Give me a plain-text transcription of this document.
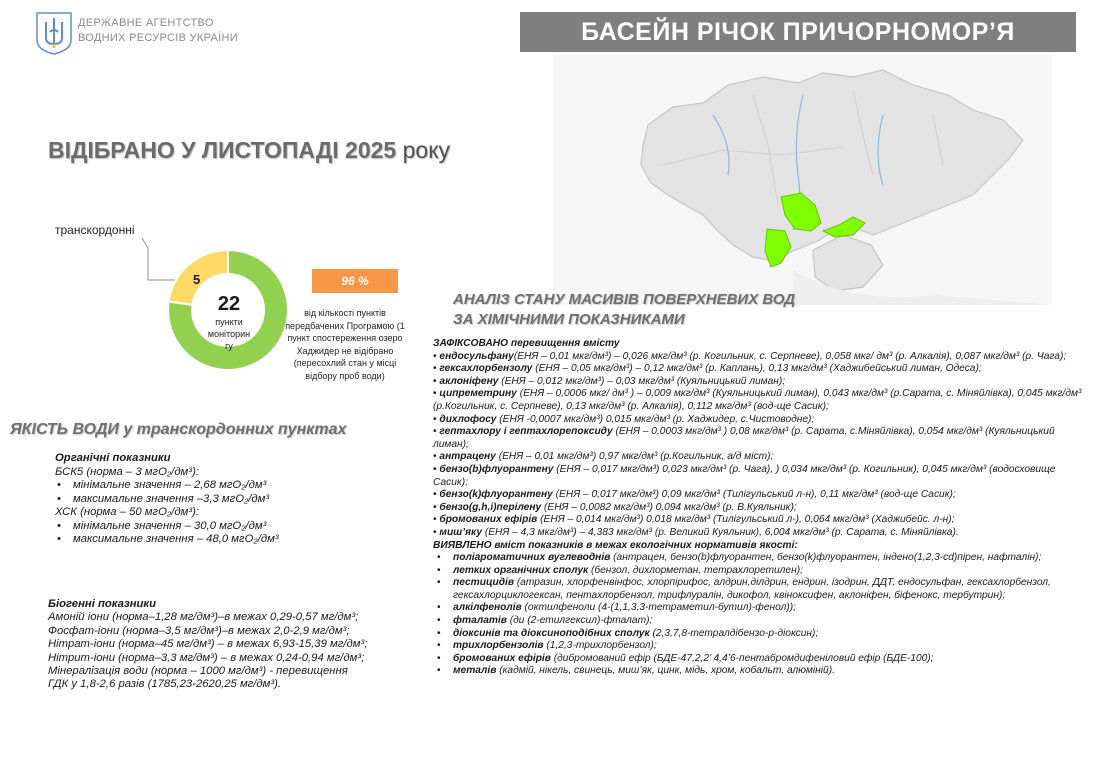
ДЕРЖАВНЕ АГЕНТСТВО
ВОДНИХ РЕСУРСІВ УКРАЇНИ	БАСЕЙН РІЧОК ПРИЧОРНОМОР’Я
ВІДІБРАНО У ЛИСТОПАДІ 2025 року
транскордонні
5
22
пункти
моніторин
гу
96 %
від кількості пунктів передбачених Програмою (1 пункт спостереження озеро Хаджидер не відібрано (пересохлий стан у місці відбору проб води)
ЯКІСТЬ ВОДИ у транскордонних пунктах
Органічні показники
БСК5 (норма – 3 мгО₂/дм³):
• мінімальне значення – 2,68 мгО₂/дм³
• максимальне значення –3,3 мгО₂/дм³
ХСК (норма – 50 мгО₂/дм³):
• мінімальне значення – 30,0 мгО₂/дм³
• максимальне значення – 48,0 мгО₂/дм³
Біогенні показники
Амоній іони (норма–1,28 мг/дм³)–в межах 0,29-0,57 мг/дм³;
Фосфат-іони (норма–3,5 мг/дм³)–в межах 2,0-2,9 мг/дм³;
Нітрат-іони (норма–45 мг/дм³) – в межах 6,93-15,39 мг/дм³;
Нітрит-іони (норма–3,3 мг/дм³) – в межах 0,24-0,94 мг/дм³;
Мінералізація води (норма – 1000 мг/дм³) - перевищення
ГДК у 1,8-2,6 разів (1785,23-2620,25 мг/дм³).
АНАЛІЗ СТАНУ МАСИВІВ ПОВЕРХНЕВИХ ВОД
ЗА ХІМІЧНИМИ ПОКАЗНИКАМИ
ЗАФІКСОВАНО перевищення вмісту
• ендосульфану(ЕНЯ – 0,01 мкг/дм³) – 0,026 мкг/дм³ (р. Когильник, с. Серпневе), 0,058 мкг/ дм³ (р. Алкалія), 0,087 мкг/дм³ (р. Чага);
• гексахлорбензолу (ЕНЯ – 0,05 мкг/дм³) – 0,12 мкг/дм³ (р. Каплань), 0,13 мкг/дм³ (Хаджибейський лиман, Одеса);
• аклоніфену (ЕНЯ – 0,012 мкг/дм³) – 0,03 мкг/дм³ (Куяльницький лиман);
• ципреметрину (ЕНЯ – 0,0006 мкг/ дм³ ) – 0,009 мкг/дм³ (Куяльницький лиман), 0,043 мкг/дм³ (р.Сарата, с. Міняйлівка), 0,045 мкг/дм³ (р.Когильник, с. Серпневе), 0,13 мкг/дм³ (р. Алкалія), 0,112 мкг/дм³ (вод-ще Сасик);
• дихлофосу (ЕНЯ -0,0007 мкг/дм³) 0,015 мкг/дм³ (р. Хаджидер, с.Чистоводне);
• гептахлору і гептахлорепоксиду (ЕНЯ – 0,0003 мкг/дм³ ) 0,08 мкг/дм³ (р. Сарата, с.Міняйлівка), 0,054 мкг/дм³ (Куяльницький лиман);
• антрацену (ЕНЯ – 0,01 мкг/дм³) 0,97 мкг/дм³ (р.Когильник, а/д міст);
• бензо(b)флуорантену (ЕНЯ – 0,017 мкг/дм³) 0,023 мкг/дм³ (р. Чага), ) 0,034 мкг/дм³ (р. Когильник), 0,045 мкг/дм³ (водосховище Сасик);
• бензо(k)флуорантену (ЕНЯ – 0,017 мкг/дм³) 0,09 мкг/дм³ (Тилігульський л-н), 0,11 мкг/дм³ (вод-ще Сасик);
• бензо(g,h,i)перілену (ЕНЯ – 0,0082 мкг/дм³) 0,094 мкг/дм³ (р. В.Куяльник);
• бромованих ефірів (ЕНЯ – 0,014 мкг/дм³) 0,018 мкг/дм³ (Тилігульський л-), 0,064 мкг/дм³ (Хаджибейс. л-н);
• миш’яку (ЕНЯ – 4,3 мкг/дм³) – 4,383 мкг/дм³ (р. Великий Куяльник), 6,004 мкг/дм³ (р. Сарата, с. Міняйлівка).
ВИЯВЛЕНО вміст показників в межах екологічних нормативів якості:
• поліароматичних вуглеводнів (антрацен, бензо(b)флуорантен, бензо(k)флуорантен, індено(1,2,3-cd)пірен, нафталін);
• летких органічних сполук (бензол, дихлорметан, тетрахлоретилен);
• пестицидів (атразин, хлорфенвінфос, хлорпірифос, алдрин,ділдрин, ендрин, ізодрин, ДДТ, ендосульфан, гексахлорбензол, гексахлорциклогексан, пентахлорбензол, трифлуралін, дикофол, квіноксифен, аклоніфен, біфенокс, тербутрин);
• алкілфенолів (октилфеноли (4-(1,1,3,3-тетраметил-бутил)-фенол));
• фталатів (ди (2-етилгексил)-фталат);
• діоксинів та діоксиноподібних сполук (2,3,7,8-тетралдібензо-р-діоксин);
• трихлорбензолів (1,2,3-трихлорбензол);
• бромованих ефірів (дибромований ефір (БДЕ-47,2,2’ 4,4’6-пентабромдифеніловий ефір (БДЕ-100);
• металів (кадмій, нікель, свинець, миш’як, цинк, мідь, хром, кобальт, алюміній).
